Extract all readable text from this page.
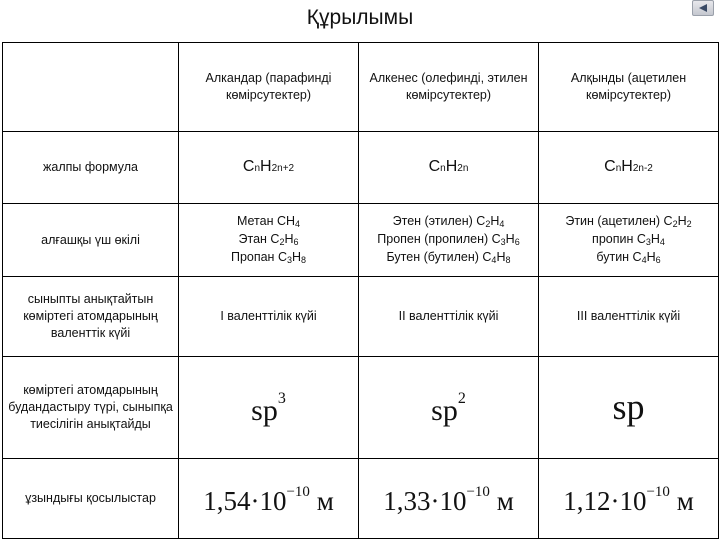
Құрылымы
	Алкандар (парафинді көмірсутектер)	Алкенес (олефинді, этилен көмірсутектер)	Алқынды (ацетилен көмірсутектер)
жалпы формула	CnH2n+2	CnH2n	CnH2n-2
алғашқы үш өкілі	Метан $CH_4$
Этан $C_2H_6$
Пропан $C_3H_8$	Этен (этилен) $C_2H_4$
Пропен (пропилен) $C_3H_6$
Бутен (бутилен) $C_4H_8$	Этин (ацетилен) $C_2H_2$
пропин $C_3H_4$
бутин $C_4H_6$
сыныпты анықтайтын көміртегі атомдарының валенттік күйі	I валенттілік күйі	II валенттілік күйі	III валенттілік күйі
көміртегі атомдарының будандастыру түрі, сыныпқа тиесілігін анықтайды	$sp^3$	$sp^2$	sp
ұзындығы қосылыстар	$1,54\cdot 10^{-10}$ м	$1,33\cdot 10^{-10}$ м	$1,12\cdot 10^{-10}$ м
